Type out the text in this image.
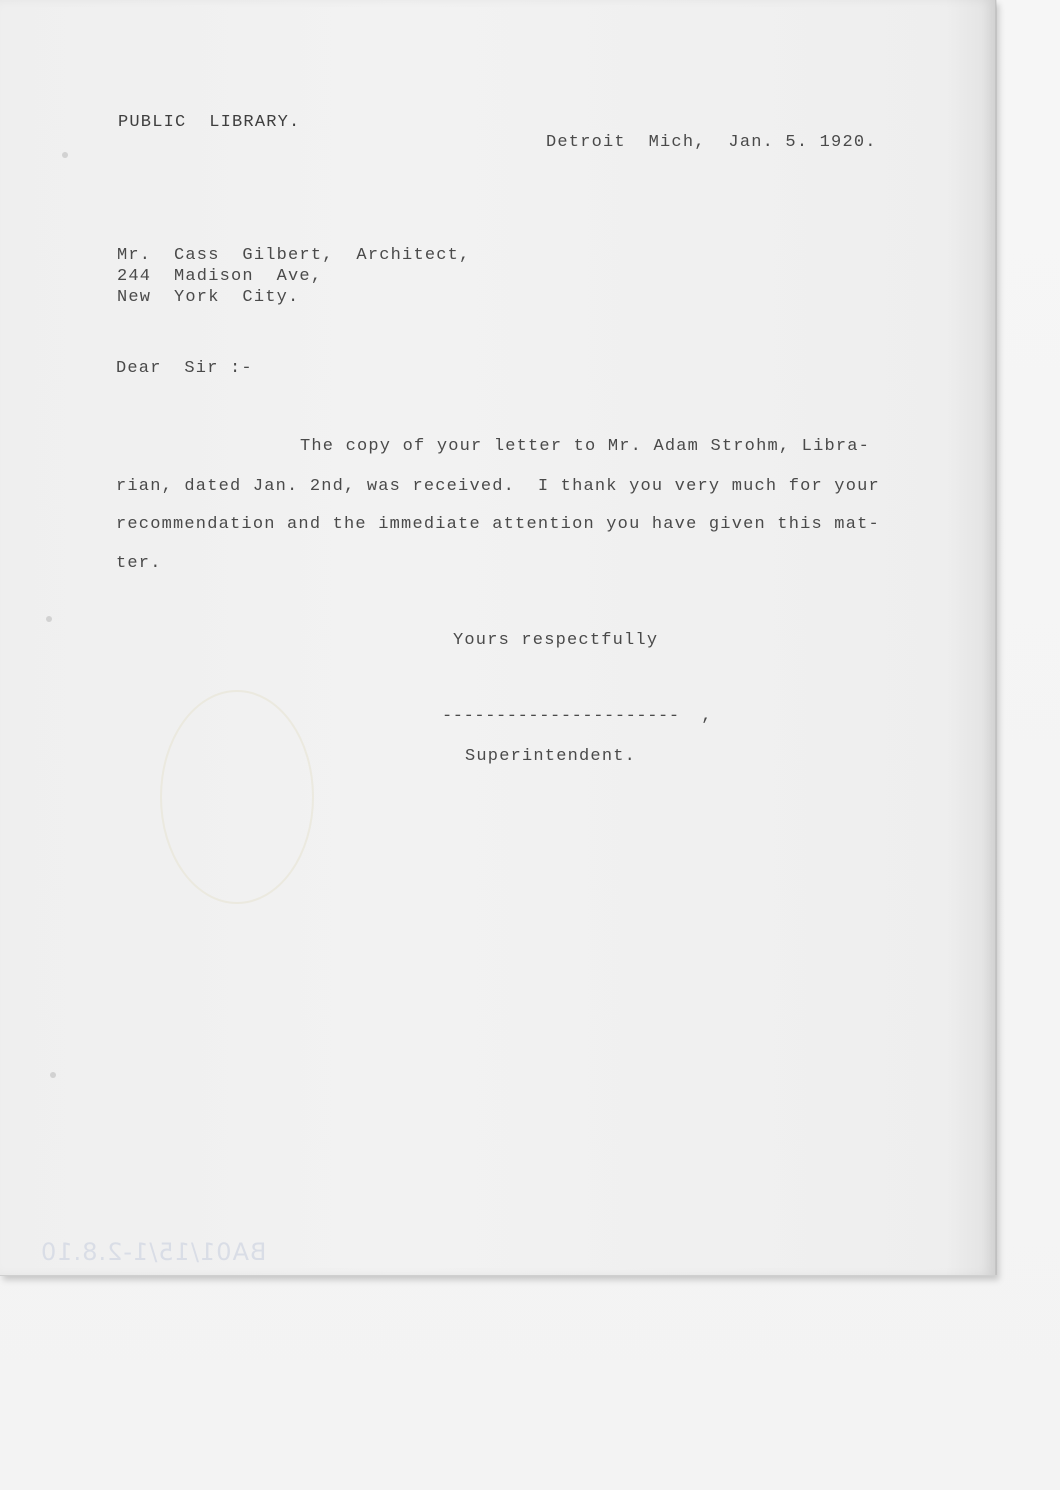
PUBLIC  LIBRARY.
Detroit  Mich,  Jan. 5. 1920.
Mr.  Cass  Gilbert,  Architect,
244  Madison  Ave,
New  York  City.
Dear  Sir :-
The copy of your letter to Mr. Adam Strohm, Libra-
rian, dated Jan. 2nd, was received.  I thank you very much for your
recommendation and the immediate attention you have given this mat-
ter.
Yours respectfully
----------------------  ,
Superintendent.
BA01/15/1-2.8.10
